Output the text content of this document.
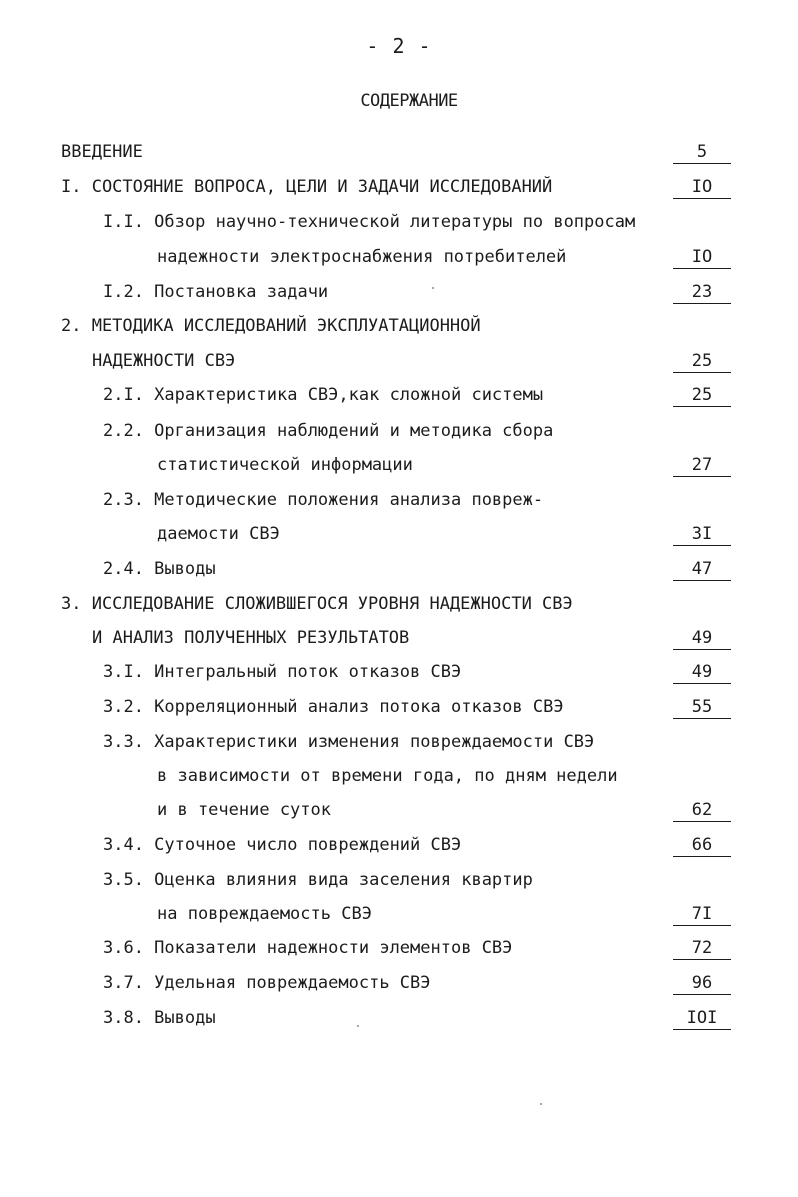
- 2 -
СОДЕРЖАНИЕ
ВВЕДЕНИЕ	5
I. СОСТОЯНИЕ ВОПРОСА, ЦЕЛИ И ЗАДАЧИ ИССЛЕДОВАНИЙ	IO
I.I. Обзор научно-технической литературы по вопросам
надежности электроснабжения потребителей	IO
I.2. Постановка задачи	23
2. МЕТОДИКА ИССЛЕДОВАНИЙ ЭКСПЛУАТАЦИОННОЙ
НАДЕЖНОСТИ СВЭ	25
2.I. Характеристика СВЭ,как сложной системы	25
2.2. Организация наблюдений и методика сбора
статистической информации	27
2.3. Методические положения анализа повреж-
даемости СВЭ	3I
2.4. Выводы	47
3. ИССЛЕДОВАНИЕ СЛОЖИВШЕГОСЯ УРОВНЯ НАДЕЖНОСТИ СВЭ
И АНАЛИЗ ПОЛУЧЕННЫХ РЕЗУЛЬТАТОВ	49
3.I. Интегральный поток отказов СВЭ	49
3.2. Корреляционный анализ потока отказов СВЭ	55
3.3. Характеристики изменения повреждаемости СВЭ
в зависимости от времени года, по дням недели
и в течение суток	62
3.4. Суточное число повреждений СВЭ	66
3.5. Оценка влияния вида заселения квартир
на повреждаемость СВЭ	7I
3.6. Показатели надежности элементов СВЭ	72
3.7. Удельная повреждаемость СВЭ	96
3.8. Выводы	IOI
